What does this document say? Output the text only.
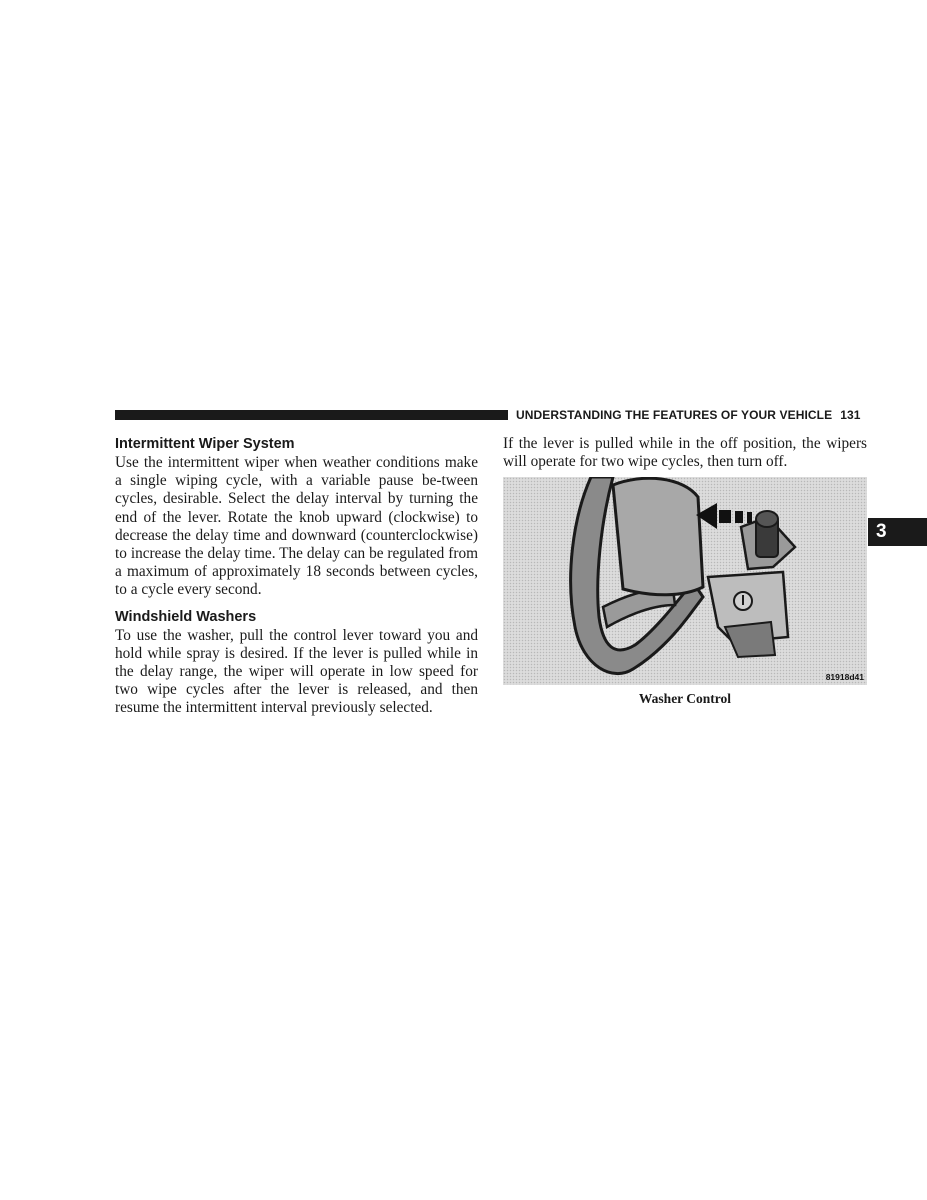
UNDERSTANDING THE FEATURES OF YOUR VEHICLE 131
Intermittent Wiper System

Use the intermittent wiper when weather conditions make a single wiping cycle, with a variable pause be-tween cycles, desirable. Select the delay interval by turning the end of the lever. Rotate the knob upward (clockwise) to decrease the delay time and downward (counterclockwise) to increase the delay time. The delay can be regulated from a maximum of approximately 18 seconds between cycles, to a cycle every second.

Windshield Washers

To use the washer, pull the control lever toward you and hold while spray is desired. If the lever is pulled while in the delay range, the wiper will operate in low speed for two wipe cycles after the lever is released, and then resume the intermittent interval previously selected.

If the lever is pulled while in the off position, the wipers will operate for two wipe cycles, then turn off.

81918d41
Washer Control
3
